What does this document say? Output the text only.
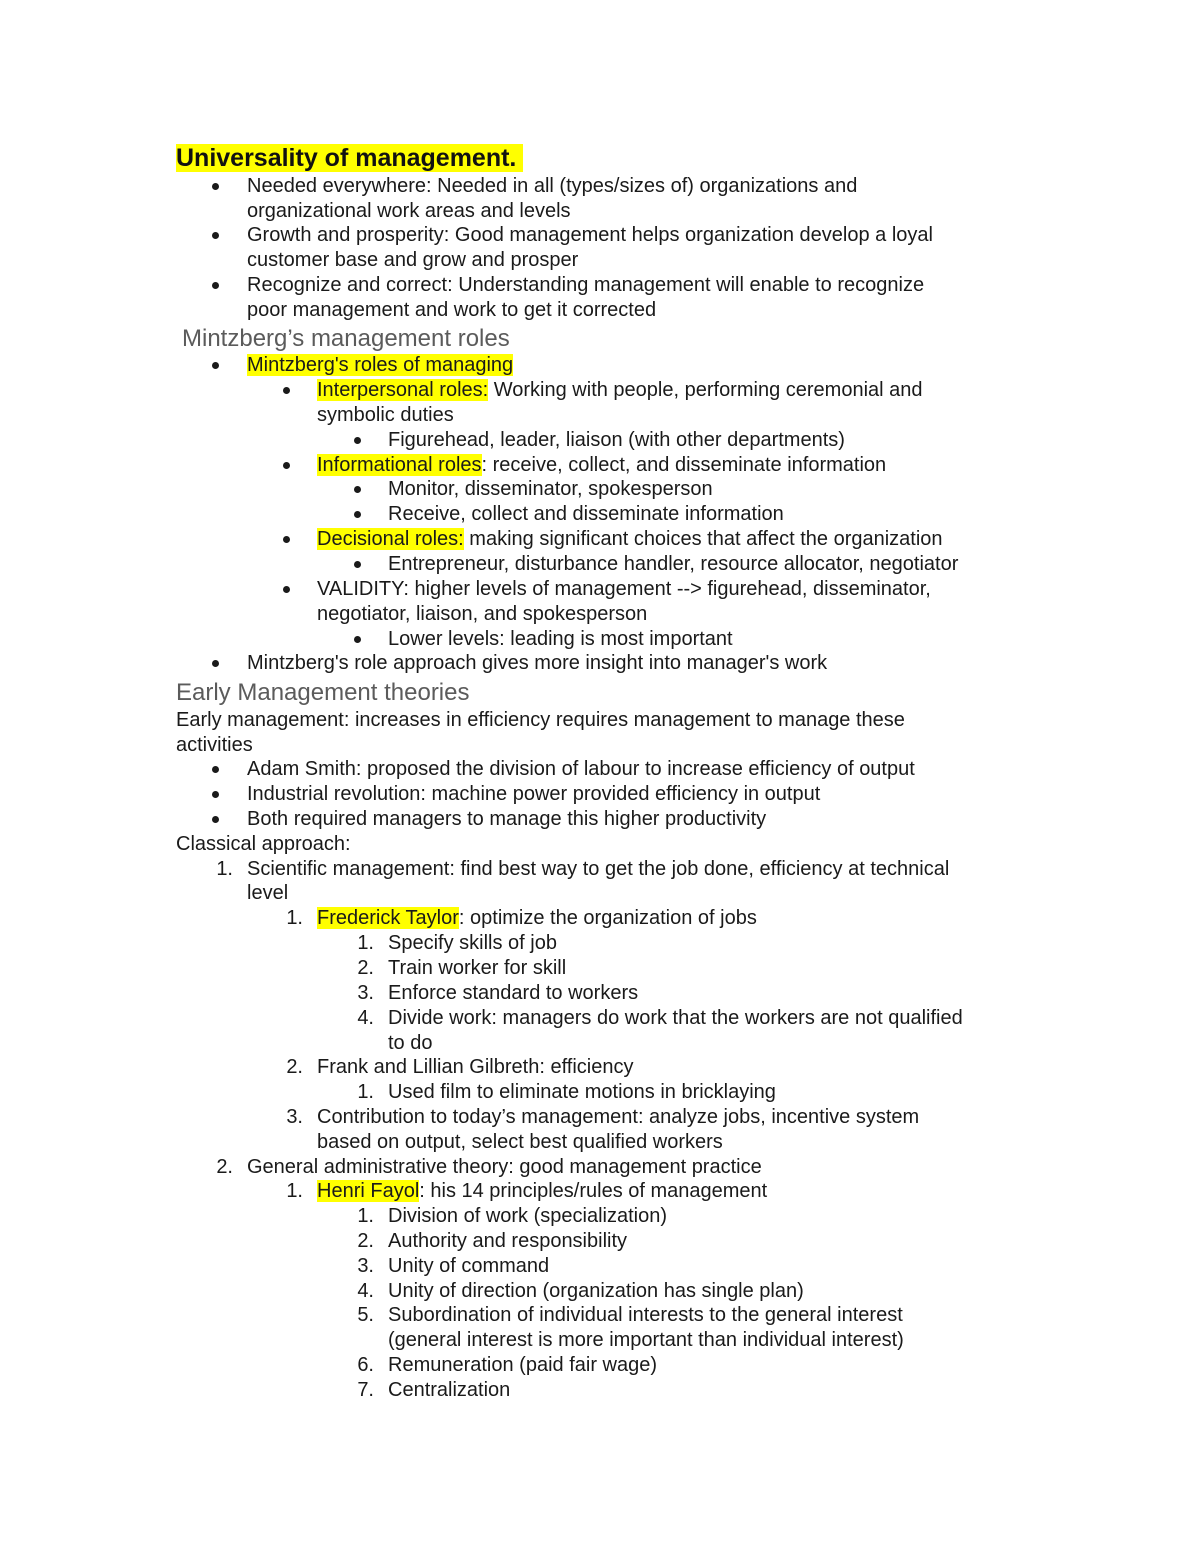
Universality of management.
Needed everywhere: Needed in all (types/sizes of) organizations and
organizational work areas and levels
Growth and prosperity: Good management helps organization develop a loyal
customer base and grow and prosper
Recognize and correct: Understanding management will enable to recognize
poor management and work to get it corrected
Mintzberg’s management roles
Mintzberg's roles of managing
Interpersonal roles: Working with people, performing ceremonial and
symbolic duties
Figurehead, leader, liaison (with other departments)
Informational roles: receive, collect, and disseminate information
Monitor, disseminator, spokesperson
Receive, collect and disseminate information
Decisional roles: making significant choices that affect the organization
Entrepreneur, disturbance handler, resource allocator, negotiator
VALIDITY: higher levels of management --> figurehead, disseminator,
negotiator, liaison, and spokesperson
Lower levels: leading is most important
Mintzberg's role approach gives more insight into manager's work
Early Management theories
Early management: increases in efficiency requires management to manage these
activities
Adam Smith: proposed the division of labour to increase efficiency of output
Industrial revolution: machine power provided efficiency in output
Both required managers to manage this higher productivity
Classical approach:
1. Scientific management: find best way to get the job done, efficiency at technical
level
1. Frederick Taylor: optimize the organization of jobs
1. Specify skills of job
2. Train worker for skill
3. Enforce standard to workers
4. Divide work: managers do work that the workers are not qualified
to do
2. Frank and Lillian Gilbreth: efficiency
1. Used film to eliminate motions in bricklaying
3. Contribution to today’s management: analyze jobs, incentive system
based on output, select best qualified workers
2. General administrative theory: good management practice
1. Henri Fayol: his 14 principles/rules of management
1. Division of work (specialization)
2. Authority and responsibility
3. Unity of command
4. Unity of direction (organization has single plan)
5. Subordination of individual interests to the general interest
(general interest is more important than individual interest)
6. Remuneration (paid fair wage)
7. Centralization
